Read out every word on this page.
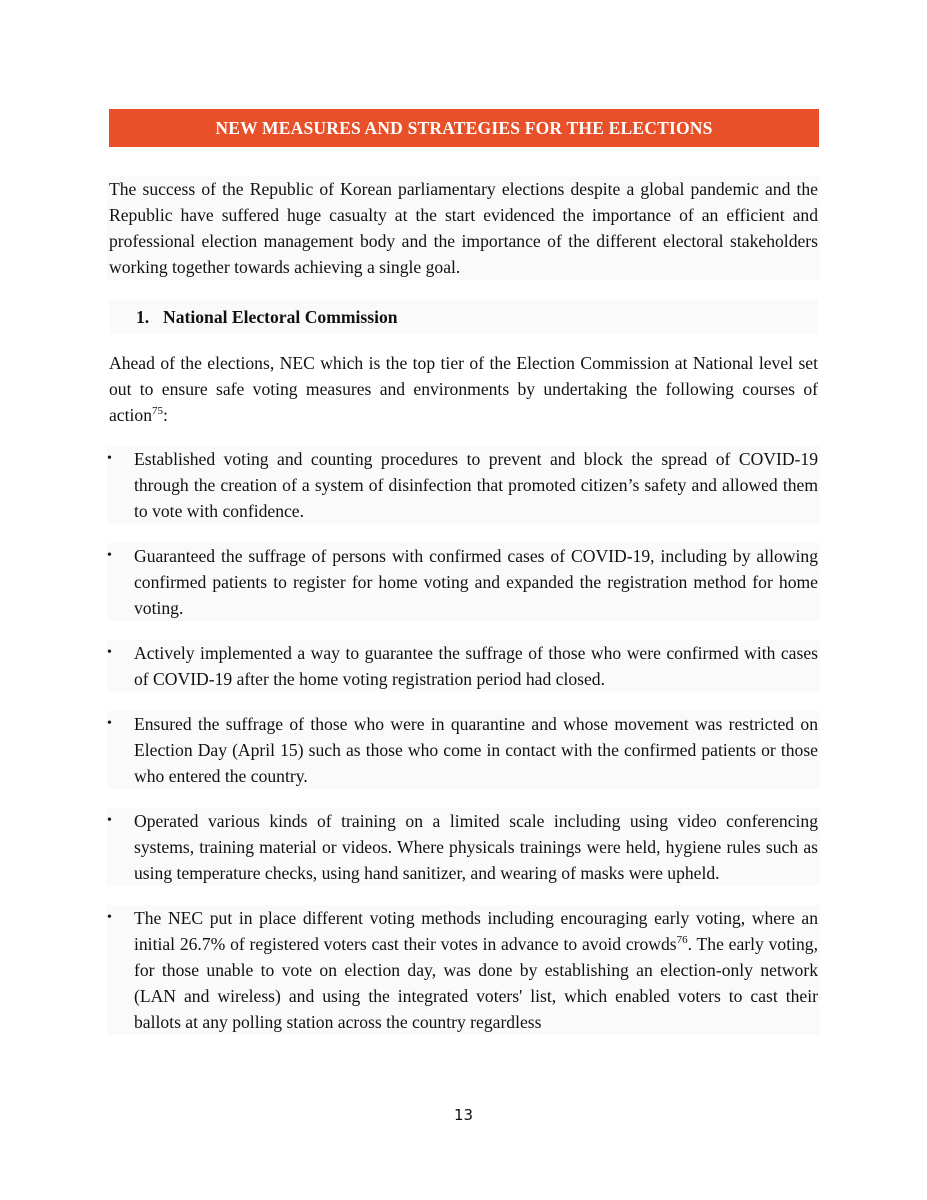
NEW MEASURES AND STRATEGIES FOR THE ELECTIONS

The success of the Republic of Korean parliamentary elections despite a global pandemic and the Republic have suffered huge casualty at the start evidenced the importance of an efficient and professional election management body and the importance of the different electoral stakeholders working together towards achieving a single goal.

1. National Electoral Commission

Ahead of the elections, NEC which is the top tier of the Election Commission at National level set out to ensure safe voting measures and environments by undertaking the following courses of action$^{75}$:

• Established voting and counting procedures to prevent and block the spread of COVID-19 through the creation of a system of disinfection that promoted citizen’s safety and allowed them to vote with confidence.
• Guaranteed the suffrage of persons with confirmed cases of COVID-19, including by allowing confirmed patients to register for home voting and expanded the registration method for home voting.
• Actively implemented a way to guarantee the suffrage of those who were confirmed with cases of COVID-19 after the home voting registration period had closed.
• Ensured the suffrage of those who were in quarantine and whose movement was restricted on Election Day (April 15) such as those who come in contact with the confirmed patients or those who entered the country.
• Operated various kinds of training on a limited scale including using video conferencing systems, training material or videos. Where physicals trainings were held, hygiene rules such as using temperature checks, using hand sanitizer, and wearing of masks were upheld.
• The NEC put in place different voting methods including encouraging early voting, where an initial 26.7% of registered voters cast their votes in advance to avoid crowds$^{76}$. The early voting, for those unable to vote on election day, was done by establishing an election-only network (LAN and wireless) and using the integrated voters' list, which enabled voters to cast their ballots at any polling station across the country regardless
13
